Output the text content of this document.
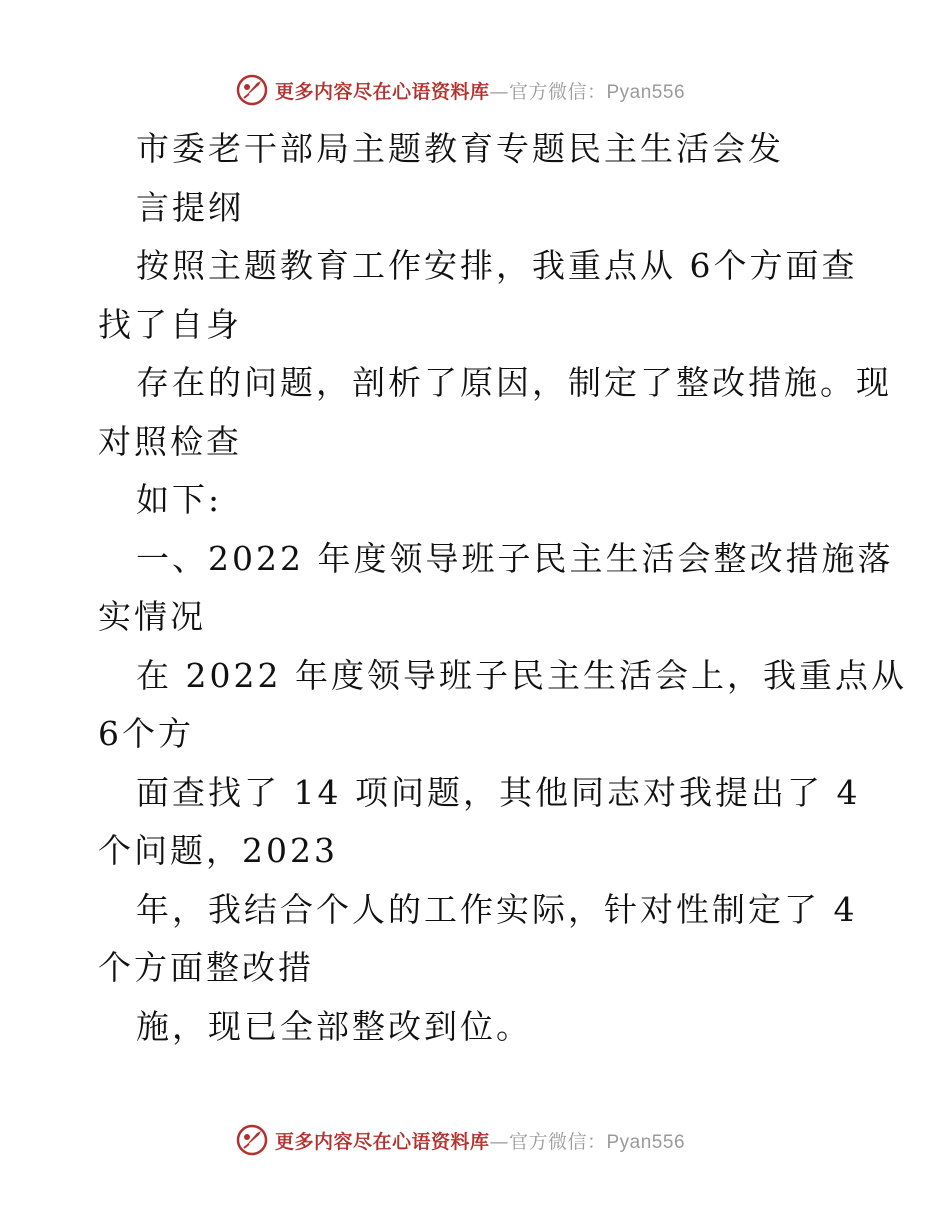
更多内容尽在心语资料库—官方微信：Pyan556
市委老干部局主题教育专题民主生活会发
言提纲
按照主题教育工作安排，我重点从 6个方面查
找了自身
存在的问题，剖析了原因，制定了整改措施。现
对照检查
如下:
一、2022 年度领导班子民主生活会整改措施落
实情况
在 2022 年度领导班子民主生活会上，我重点从
6个方
面查找了 14 项问题，其他同志对我提出了 4
个问题，2023
年，我结合个人的工作实际，针对性制定了 4
个方面整改措
施，现已全部整改到位。
更多内容尽在心语资料库—官方微信：Pyan556
